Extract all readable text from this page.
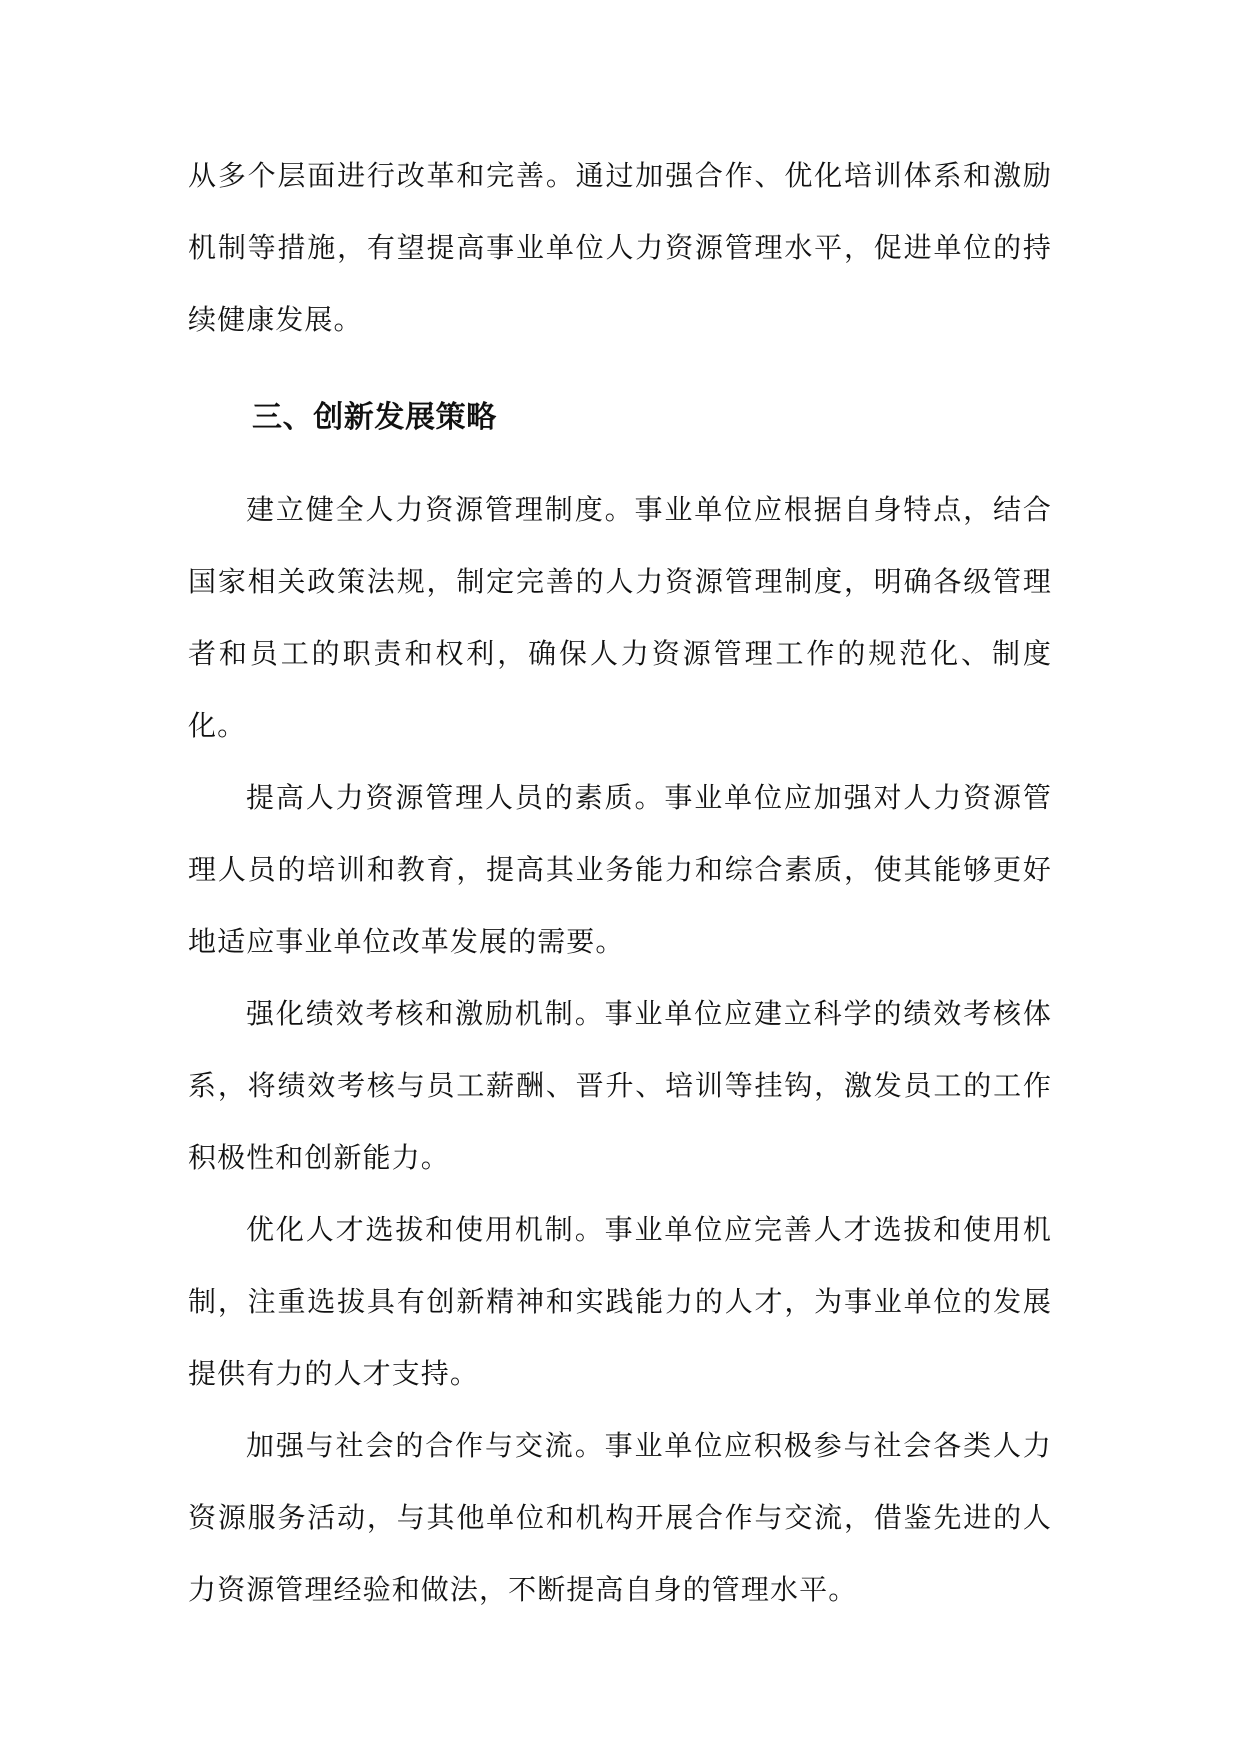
从多个层面进行改革和完善。通过加强合作、优化培训体系和激励机制等措施，有望提高事业单位人力资源管理水平，促进单位的持续健康发展。

三、创新发展策略

建立健全人力资源管理制度。事业单位应根据自身特点，结合国家相关政策法规，制定完善的人力资源管理制度，明确各级管理者和员工的职责和权利，确保人力资源管理工作的规范化、制度化。

提高人力资源管理人员的素质。事业单位应加强对人力资源管理人员的培训和教育，提高其业务能力和综合素质，使其能够更好地适应事业单位改革发展的需要。

强化绩效考核和激励机制。事业单位应建立科学的绩效考核体系，将绩效考核与员工薪酬、晋升、培训等挂钩，激发员工的工作积极性和创新能力。

优化人才选拔和使用机制。事业单位应完善人才选拔和使用机制，注重选拔具有创新精神和实践能力的人才，为事业单位的发展提供有力的人才支持。

加强与社会的合作与交流。事业单位应积极参与社会各类人力资源服务活动，与其他单位和机构开展合作与交流，借鉴先进的人力资源管理经验和做法，不断提高自身的管理水平。
